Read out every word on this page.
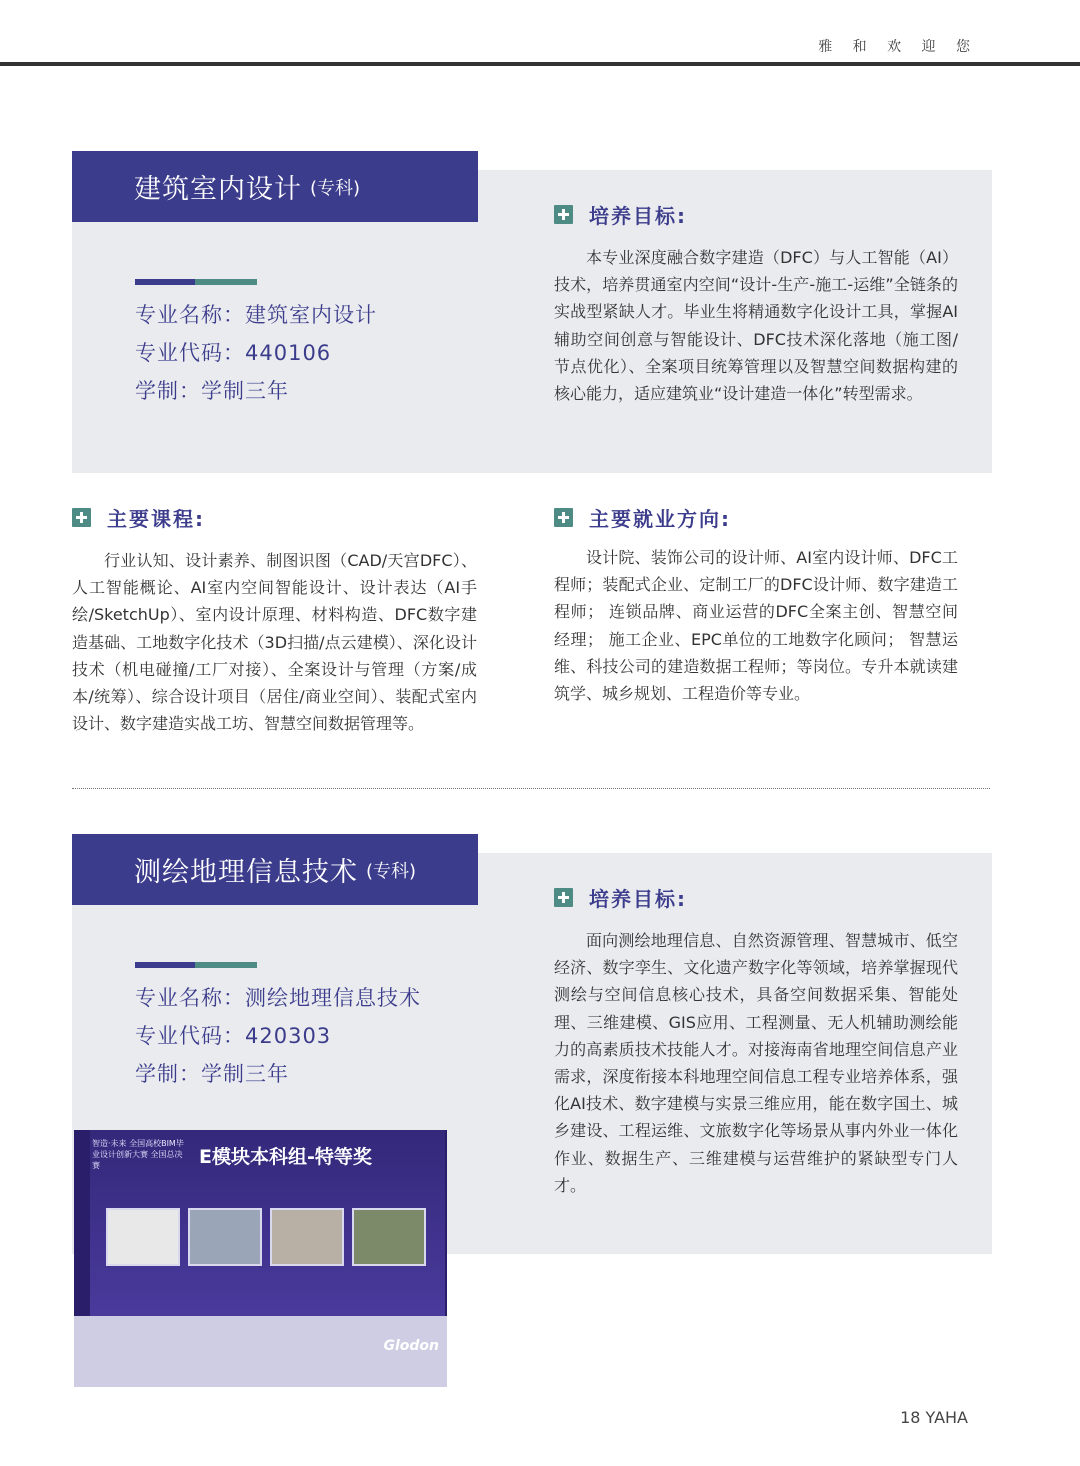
雅 和 欢 迎 您
建筑室内设计 (专科)
专业名称：建筑室内设计
专业代码：440106
学制：学制三年
培养目标:

本专业深度融合数字建造（DFC）与人工智能（AI）技术，培养贯通室内空间“设计-生产-施工-运维”全链条的实战型紧缺人才。毕业生将精通数字化设计工具，掌握AI辅助空间创意与智能设计、DFC技术深化落地（施工图/节点优化）、全案项目统筹管理以及智慧空间数据构建的核心能力，适应建筑业“设计建造一体化”转型需求。

主要课程:

行业认知、设计素养、制图识图（CAD/天宫DFC）、人工智能概论、AI室内空间智能设计、设计表达（AI手绘/SketchUp）、室内设计原理、材料构造、DFC数字建造基础、工地数字化技术（3D扫描/点云建模）、深化设计技术（机电碰撞/工厂对接）、全案设计与管理（方案/成本/统筹）、综合设计项目（居住/商业空间）、装配式室内设计、数字建造实战工坊、智慧空间数据管理等。

主要就业方向:

设计院、装饰公司的设计师、AI室内设计师、DFC工程师；装配式企业、定制工厂的DFC设计师、数字建造工程师； 连锁品牌、商业运营的DFC全案主创、智慧空间经理； 施工企业、EPC单位的工地数字化顾问； 智慧运维、科技公司的建造数据工程师；等岗位。专升本就读建筑学、城乡规划、工程造价等专业。

测绘地理信息技术 (专科)
专业名称：测绘地理信息技术
专业代码：420303
学制：学制三年
培养目标:

面向测绘地理信息、自然资源管理、智慧城市、低空经济、数字孪生、文化遗产数字化等领域，培养掌握现代测绘与空间信息核心技术，具备空间数据采集、智能处理、三维建模、GIS应用、工程测量、无人机辅助测绘能力的高素质技术技能人才。对接海南省地理空间信息产业需求，深度衔接本科地理空间信息工程专业培养体系，强化AI技术、数字建模与实景三维应用，能在数字国土、城乡建设、工程运维、文旅数字化等场景从事内外业一体化作业、数据生产、三维建模与运营维护的紧缺型专门人才。

智造·未来 全国高校BIM毕业设计创新大赛 全国总决赛	E模块本科组-特等奖
Glodon
18 YAHA
